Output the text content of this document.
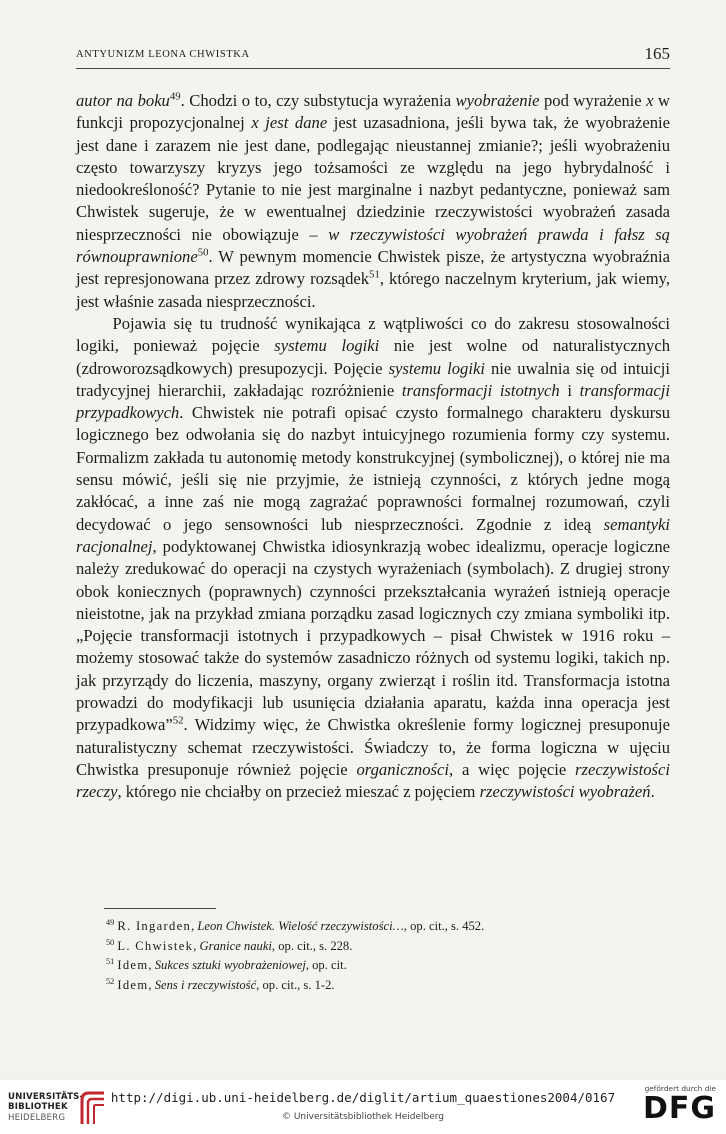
ANTYUNIZM LEONA CHWISTKA	165

autor na boku$^{49}$. Chodzi o to, czy substytucja wyrażenia wyobrażenie pod wyrażenie x w funkcji propozycjonalnej x jest dane jest uzasadniona, jeśli bywa tak, że wyobrażenie jest dane i zarazem nie jest dane, podlegając nieustannej zmianie?; jeśli wyobrażeniu często towarzyszy kryzys jego tożsamości ze względu na jego hybrydalność i niedookreśloność? Pytanie to nie jest marginalne i nazbyt pedantyczne, ponieważ sam Chwistek sugeruje, że w ewentualnej dziedzinie rzeczywistości wyobrażeń zasada niesprzeczności nie obowiązuje – w rzeczywistości wyobrażeń prawda i fałsz są równouprawnione$^{50}$. W pewnym momencie Chwistek pisze, że artystyczna wyobraźnia jest represjonowana przez zdrowy rozsądek$^{51}$, którego naczelnym kryterium, jak wiemy, jest właśnie zasada niesprzeczności.

Pojawia się tu trudność wynikająca z wątpliwości co do zakresu stosowalności logiki, ponieważ pojęcie systemu logiki nie jest wolne od naturalistycznych (zdroworozsądkowych) presupozycji. Pojęcie systemu logiki nie uwalnia się od intuicji tradycyjnej hierarchii, zakładając rozróżnienie transformacji istotnych i transformacji przypadkowych. Chwistek nie potrafi opisać czysto formalnego charakteru dyskursu logicznego bez odwołania się do nazbyt intuicyjnego rozumienia formy czy systemu. Formalizm zakłada tu autonomię metody konstrukcyjnej (symbolicznej), o której nie ma sensu mówić, jeśli się nie przyjmie, że istnieją czynności, z których jedne mogą zakłócać, a inne zaś nie mogą zagrażać poprawności formalnej rozumowań, czyli decydować o jego sensowności lub niesprzeczności. Zgodnie z ideą semantyki racjonalnej, podyktowanej Chwistka idiosynkrazją wobec idealizmu, operacje logiczne należy zredukować do operacji na czystych wyrażeniach (symbolach). Z drugiej strony obok koniecznych (poprawnych) czynności przekształcania wyrażeń istnieją operacje nieistotne, jak na przykład zmiana porządku zasad logicznych czy zmiana symboliki itp. „Pojęcie transformacji istotnych i przypadkowych – pisał Chwistek w 1916 roku – możemy stosować także do systemów zasadniczo różnych od systemu logiki, takich np. jak przyrządy do liczenia, maszyny, organy zwierząt i roślin itd. Transformacja istotna prowadzi do modyfikacji lub usunięcia działania aparatu, każda inna operacja jest przypadkowa”$^{52}$. Widzimy więc, że Chwistka określenie formy logicznej presuponuje naturalistyczny schemat rzeczywistości. Świadczy to, że forma logiczna w ujęciu Chwistka presuponuje również pojęcie organiczności, a więc pojęcie rzeczywistości rzeczy, którego nie chciałby on przecież mieszać z pojęciem rzeczywistości wyobrażeń.

$^{49}$ R. Ingarden, Leon Chwistek. Wielość rzeczywistości…, op. cit., s. 452.
$^{50}$ L. Chwistek, Granice nauki, op. cit., s. 228.
$^{51}$ Idem, Sukces sztuki wyobrażeniowej, op. cit.
$^{52}$ Idem, Sens i rzeczywistość, op. cit., s. 1-2.
UNIVERSITÄTS-
BIBLIOTHEK
HEIDELBERG
http://digi.ub.uni-heidelberg.de/diglit/artium_quaestiones2004/0167
© Universitätsbibliothek Heidelberg
gefördert durch die
DFG
